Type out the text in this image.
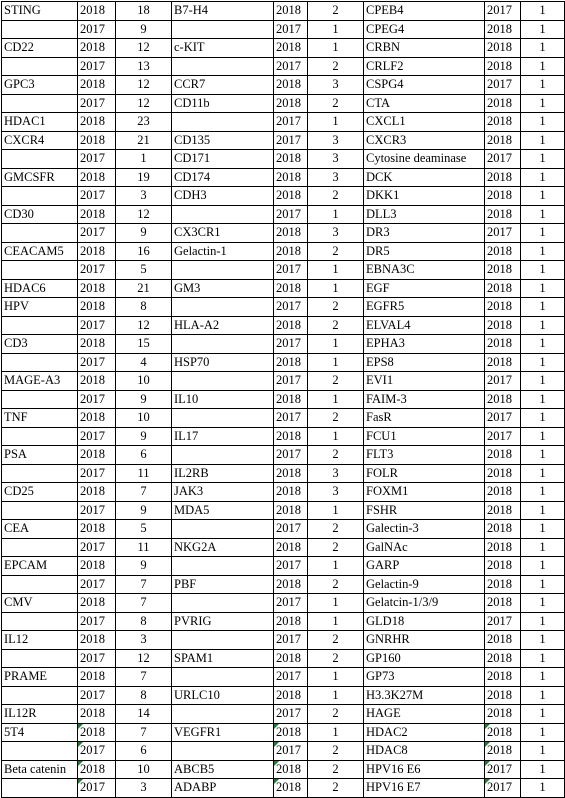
STING	2018	18	B7-H4	2018	2	CPEB4	2017	1
	2017	9		2017	1	CPEG4	2018	1
CD22	2018	12	c-KIT	2018	1	CRBN	2018	1
	2017	13		2017	2	CRLF2	2018	1
GPC3	2018	12	CCR7	2018	3	CSPG4	2017	1
	2017	12	CD11b	2018	2	CTA	2018	1
HDAC1	2018	23		2017	1	CXCL1	2018	1
CXCR4	2018	21	CD135	2017	3	CXCR3	2018	1
	2017	1	CD171	2018	3	Cytosine deaminase	2017	1
GMCSFR	2018	19	CD174	2018	3	DCK	2018	1
	2017	3	CDH3	2018	2	DKK1	2018	1
CD30	2018	12		2017	1	DLL3	2018	1
	2017	9	CX3CR1	2018	3	DR3	2017	1
CEACAM5	2018	16	Gelactin-1	2018	2	DR5	2018	1
	2017	5		2017	1	EBNA3C	2018	1
HDAC6	2018	21	GM3	2018	1	EGF	2018	1
HPV	2018	8		2017	2	EGFR5	2018	1
	2017	12	HLA-A2	2018	2	ELVAL4	2018	1
CD3	2018	15		2017	1	EPHA3	2018	1
	2017	4	HSP70	2018	1	EPS8	2018	1
MAGE-A3	2018	10		2017	2	EVI1	2017	1
	2017	9	IL10	2018	1	FAIM-3	2018	1
TNF	2018	10		2017	2	FasR	2017	1
	2017	9	IL17	2018	1	FCU1	2017	1
PSA	2018	6		2017	2	FLT3	2018	1
	2017	11	IL2RB	2018	3	FOLR	2018	1
CD25	2018	7	JAK3	2018	3	FOXM1	2018	1
	2017	9	MDA5	2018	1	FSHR	2018	1
CEA	2018	5		2017	2	Galectin-3	2018	1
	2017	11	NKG2A	2018	2	GalNAc	2018	1
EPCAM	2018	9		2017	1	GARP	2018	1
	2017	7	PBF	2018	2	Gelactin-9	2018	1
CMV	2018	7		2017	1	Gelatcin-1/3/9	2018	1
	2017	8	PVRIG	2018	1	GLD18	2017	1
IL12	2018	3		2017	2	GNRHR	2018	1
	2017	12	SPAM1	2018	2	GP160	2018	1
PRAME	2018	7		2017	1	GP73	2018	1
	2017	8	URLC10	2018	1	H3.3K27M	2018	1
IL12R	2018	14		2017	2	HAGE	2018	1
5T4	2018	7	VEGFR1	2018	1	HDAC2	2018	1
	2017	6		2017	2	HDAC8	2018	1
Beta catenin	2018	10	ABCB5	2018	2	HPV16 E6	2017	1
	2017	3	ADABP	2018	2	HPV16 E7	2017	1
